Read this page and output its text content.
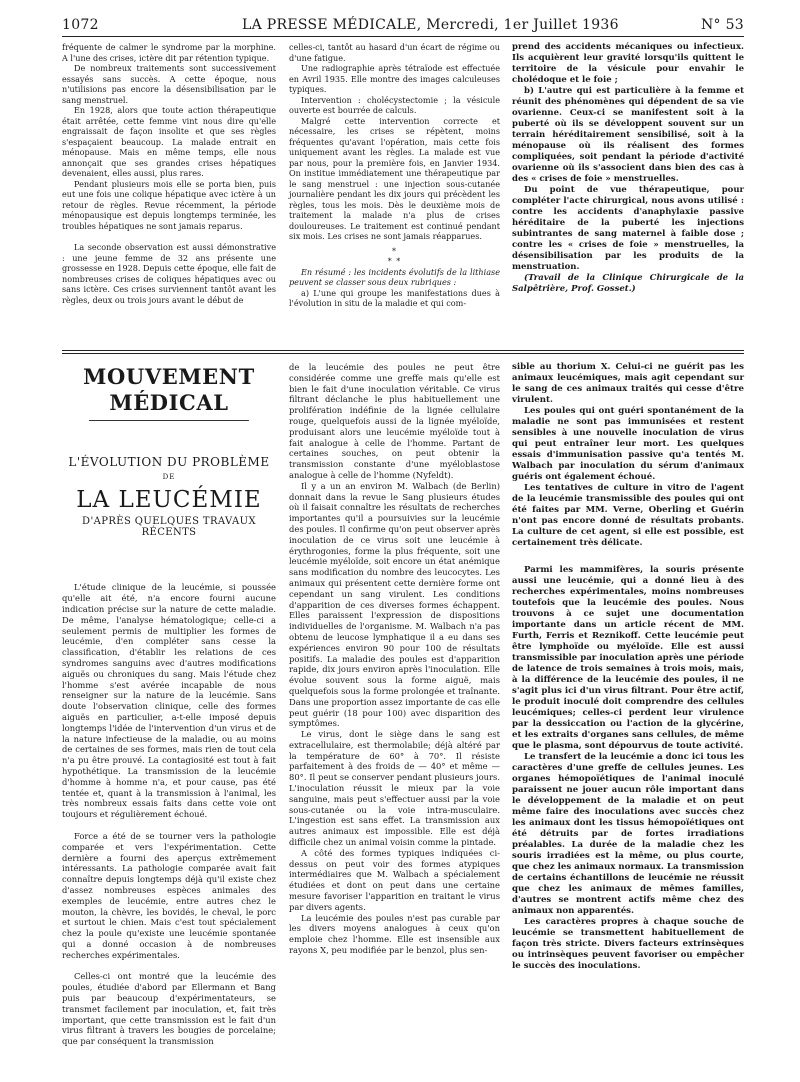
1072	LA PRESSE MÉDICALE, Mercredi, 1er Juillet 1936	N° 53

fréquente de calmer le syndrome par la morphine. A l'une des crises, ictère dit par rétention typique.

De nombreux traitements sont successivement essayés sans succès. A cette époque, nous n'utilisions pas encore la désensibilisation par le sang menstruel.

En 1928, alors que toute action thérapeutique était arrêtée, cette femme vint nous dire qu'elle engraissait de façon insolite et que ses règles s'espaçaient beaucoup. La malade entrait en ménopause. Mais en même temps, elle nous annonçait que ses grandes crises hépatiques devenaient, elles aussi, plus rares.

Pendant plusieurs mois elle se porta bien, puis eut une fois une colique hépatique avec ictère à un retour de règles. Revue récemment, la période ménopausique est depuis longtemps terminée, les troubles hépatiques ne sont jamais reparus.

La seconde observation est aussi démonstrative : une jeune femme de 32 ans présente une grossesse en 1928. Depuis cette époque, elle fait de nombreuses crises de coliques hépatiques avec ou sans ictère. Ces crises surviennent tantôt avant les règles, deux ou trois jours avant le début de

celles-ci, tantôt au hasard d'un écart de régime ou d'une fatigue.

Une radiographie après tétraïode est effectuée en Avril 1935. Elle montre des images calculeuses typiques.

Intervention : cholécystectomie ; la vésicule ouverte est bourrée de calculs.

Malgré cette intervention correcte et nécessaire, les crises se répètent, moins fréquentes qu'avant l'opération, mais cette fois uniquement avant les règles. La malade est vue par nous, pour la première fois, en Janvier 1934. On institue immédiatement une thérapeutique par le sang menstruel : une injection sous-cutanée journalière pendant les dix jours qui précèdent les règles, tous les mois. Dès le deuxième mois de traitement la malade n'a plus de crises douloureuses. Le traitement est continué pendant six mois. Les crises ne sont jamais réapparues.

*
* *

En résumé : les incidents évolutifs de la lithiase peuvent se classer sous deux rubriques :

a) L'une qui groupe les manifestations dues à l'évolution in situ de la maladie et qui com-

prend des accidents mécaniques ou infectieux. Ils acquièrent leur gravité lorsqu'ils quittent le territoire de la vésicule pour envahir le cholédoque et le foie ;

b) L'autre qui est particulière à la femme et réunit des phénomènes qui dépendent de sa vie ovarienne. Ceux-ci se manifestent soit à la puberté où ils se développent souvent sur un terrain héréditairement sensibilisé, soit à la ménopause où ils réalisent des formes compliquées, soit pendant la période d'activité ovarienne où ils s'associent dans bien des cas à des « crises de foie » menstruelles.

Du point de vue thérapeutique, pour compléter l'acte chirurgical, nous avons utilisé : contre les accidents d'anaphylaxie passive héréditaire de la puberté les injections subintrantes de sang maternel à faible dose ; contre les « crises de foie » menstruelles, la désensibilisation par les produits de la menstruation.

(Travail de la Clinique Chirurgicale de la Salpêtrière, Prof. Gosset.)

MOUVEMENT MÉDICAL
L'ÉVOLUTION DU PROBLÈME
DE
LA LEUCÉMIE
D'APRÈS QUELQUES TRAVAUX RÉCENTS

L'étude clinique de la leucémie, si poussée qu'elle ait été, n'a encore fourni aucune indication précise sur la nature de cette maladie. De même, l'analyse hématologique; celle-ci a seulement permis de multiplier les formes de leucémie, d'en compléter sans cesse la classification, d'établir les relations de ces syndromes sanguins avec d'autres modifications aiguës ou chroniques du sang. Mais l'étude chez l'homme s'est avérée incapable de nous renseigner sur la nature de la leucémie. Sans doute l'observation clinique, celle des formes aiguës en particulier, a-t-elle imposé depuis longtemps l'idée de l'intervention d'un virus et de la nature infectieuse de la maladie, ou au moins de certaines de ses formes, mais rien de tout cela n'a pu être prouvé. La contagiosité est tout à fait hypothétique. La transmission de la leucémie d'homme à homme n'a, et pour cause, pas été tentée et, quant à la transmission à l'animal, les très nombreux essais faits dans cette voie ont toujours et régulièrement échoué.

Force a été de se tourner vers la pathologie comparée et vers l'expérimentation. Cette dernière a fourni des aperçus extrêmement intéressants. La pathologie comparée avait fait connaître depuis longtemps déjà qu'il existe chez d'assez nombreuses espèces animales des exemples de leucémie, entre autres chez le mouton, la chèvre, les bovidés, le cheval, le porc et surtout le chien. Mais c'est tout spécialement chez la poule qu'existe une leucémie spontanée qui a donné occasion à de nombreuses recherches expérimentales.

Celles-ci ont montré que la leucémie des poules, étudiée d'abord par Ellermann et Bang puis par beaucoup d'expérimentateurs, se transmet facilement par inoculation, et, fait très important, que cette transmission est le fait d'un virus filtrant à travers les bougies de porcelaine; que par conséquent la transmission

de la leucémie des poules ne peut être considérée comme une greffe mais qu'elle est bien le fait d'une inoculation véritable. Ce virus filtrant déclanche le plus habituellement une prolifération indéfinie de la lignée cellulaire rouge, quelquefois aussi de la lignée myéloïde, produisant alors une leucémie myéloïde tout à fait analogue à celle de l'homme. Partant de certaines souches, on peut obtenir la transmission constante d'une myéloblastose analogue à celle de l'homme (Nyfeldt).

Il y a un an environ M. Walbach (de Berlin) donnait dans la revue le Sang plusieurs études où il faisait connaître les résultats de recherches importantes qu'il a poursuivies sur la leucémie des poules. Il confirme qu'on peut observer après inoculation de ce virus soit une leucémie à érythrogonies, forme la plus fréquente, soit une leucémie myéloïde, soit encore un état anémique sans modification du nombre des leucocytes. Les animaux qui présentent cette dernière forme ont cependant un sang virulent. Les conditions d'apparition de ces diverses formes échappent. Elles paraissent l'expression de dispositions individuelles de l'organisme. M. Walbach n'a pas obtenu de leucose lymphatique il a eu dans ses expériences environ 90 pour 100 de résultats positifs. La maladie des poules est d'apparition rapide, dix jours environ après l'inoculation. Elle évolue souvent sous la forme aiguë, mais quelquefois sous la forme prolongée et traînante. Dans une proportion assez importante de cas elle peut guérir (18 pour 100) avec disparition des symptômes.

Le virus, dont le siège dans le sang est extracellulaire, est thermolabile; déjà altéré par la température de 60° à 70°. Il résiste parfaitement à des froids de — 40° et même — 80°. Il peut se conserver pendant plusieurs jours. L'inoculation réussit le mieux par la voie sanguine, mais peut s'effectuer aussi par la voie sous-cutanée ou la voie intra-musculaire. L'ingestion est sans effet. La transmission aux autres animaux est impossible. Elle est déjà difficile chez un animal voisin comme la pintade.

A côté des formes typiques indiquées ci-dessus on peut voir des formes atypiques intermédiaires que M. Walbach a spécialement étudiées et dont on peut dans une certaine mesure favoriser l'apparition en traitant le virus par divers agents.

La leucémie des poules n'est pas curable par les divers moyens analogues à ceux qu'on emploie chez l'homme. Elle est insensible aux rayons X, peu modifiée par le benzol, plus sen-

sible au thorium X. Celui-ci ne guérit pas les animaux leucémiques, mais agit cependant sur le sang de ces animaux traités qui cesse d'être virulent.

Les poules qui ont guéri spontanément de la maladie ne sont pas immunisées et restent sensibles à une nouvelle inoculation de virus qui peut entraîner leur mort. Les quelques essais d'immunisation passive qu'a tentés M. Walbach par inoculation du sérum d'animaux guéris ont également échoué.

Les tentatives de culture in vitro de l'agent de la leucémie transmissible des poules qui ont été faites par MM. Verne, Oberling et Guérin n'ont pas encore donné de résultats probants. La culture de cet agent, si elle est possible, est certainement très délicate.

Parmi les mammifères, la souris présente aussi une leucémie, qui a donné lieu à des recherches expérimentales, moins nombreuses toutefois que la leucémie des poules. Nous trouvons à ce sujet une documentation importante dans un article récent de MM. Furth, Ferris et Reznikoff. Cette leucémie peut être lymphoïde ou myéloïde. Elle est aussi transmissible par inoculation après une période de latence de trois semaines à trois mois, mais, à la différence de la leucémie des poules, il ne s'agit plus ici d'un virus filtrant. Pour être actif, le produit inoculé doit comprendre des cellules leucémiques; celles-ci perdent leur virulence par la dessiccation ou l'action de la glycérine, et les extraits d'organes sans cellules, de même que le plasma, sont dépourvus de toute activité.

Le transfert de la leucémie a donc ici tous les caractères d'une greffe de cellules jeunes. Les organes hémopoïétiques de l'animal inoculé paraissent ne jouer aucun rôle important dans le développement de la maladie et on peut même faire des inoculations avec succès chez les animaux dont les tissus hémopoïétiques ont été détruits par de fortes irradiations préalables. La durée de la maladie chez les souris irradiées est la même, ou plus courte, que chez les animaux normaux. La transmission de certains échantillons de leucémie ne réussit que chez les animaux de mêmes familles, d'autres se montrent actifs même chez des animaux non apparentés.

Les caractères propres à chaque souche de leucémie se transmettent habituellement de façon très stricte. Divers facteurs extrinsèques ou intrinsèques peuvent favoriser ou empêcher le succès des inoculations.
